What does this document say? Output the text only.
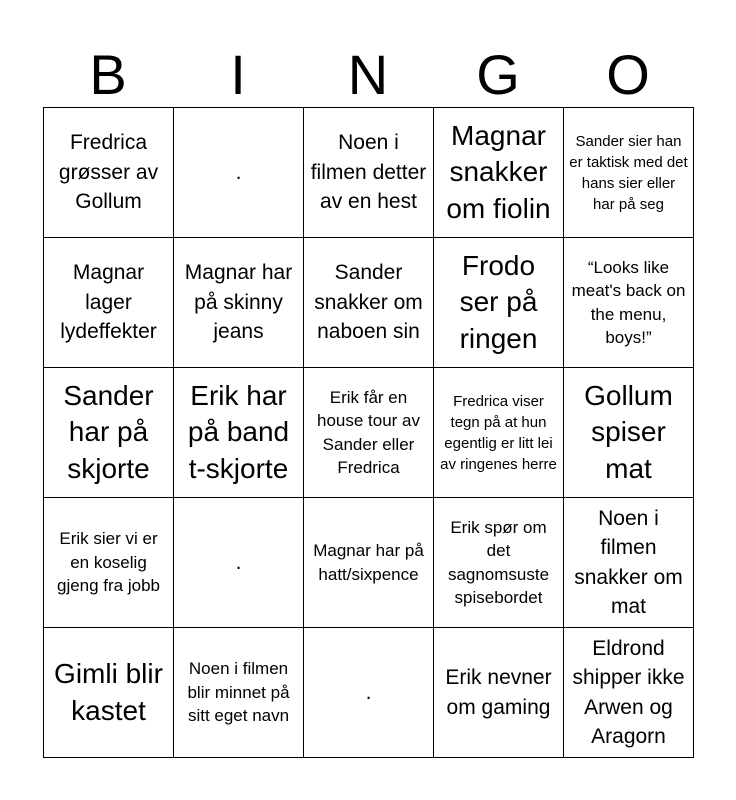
B	I	N	G	O
Fredrica grøsser av Gollum	.	Noen i filmen detter av en hest	Magnar snakker om fiolin	Sander sier han er taktisk med det hans sier eller har på seg
Magnar lager lydeffekter	Magnar har på skinny jeans	Sander snakker om naboen sin	Frodo ser på ringen	“Looks like meat's back on the menu, boys!”
Sander har på skjorte	Erik har på band t-skjorte	Erik får en house tour av Sander eller Fredrica	Fredrica viser tegn på at hun egentlig er litt lei av ringenes herre	Gollum spiser mat
Erik sier vi er en koselig gjeng fra jobb	.	Magnar har på hatt/sixpence	Erik spør om det sagnomsuste spisebordet	Noen i filmen snakker om mat
Gimli blir kastet	Noen i filmen blir minnet på sitt eget navn	.	Erik nevner om gaming	Eldrond shipper ikke Arwen og Aragorn
